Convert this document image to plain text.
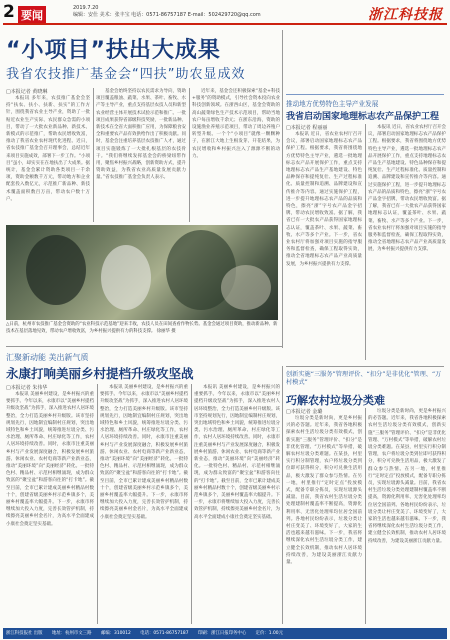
2 要闻
2019.7.20
编辑：安仕 美术：张丰宝 电话：0571-86757187 E-mail：502429720@qq.com	浙江科技报
“小项目”扶出大成果
我省农技推广基金会“四扶”助农显成效
□本报记者 黄晓琳

本报讯 多年来，农技推广基金会坚持“扶农、扶小、扶新、扶实”的工作方针，围绕我省农业主导产业，资助了一批贴近农业生产实际、农民群众急需的小项目，带动了一大批农业新品种、新技术、新模式的示范推广，帮助农民增收致富，推动了我省农业农村现代化进程。近日，省农技推广基金会召开理事会，总结近年来项目实施成效，部署下一步工作。“小项目”虽小，却实实在在地扶出了大成果。据统计，基金会累计资助各类项目一千余项，资助金额数千万元，带动地方和企业配套投入数亿元，示范推广新品种、新技术覆盖面积数百万亩，带动农户数十万户。

基金会始终坚持以农民需求为导向，资助项目覆盖粮油、蔬菜、水果、茶叶、畜牧、水产等主导产业，重点支持基层农技人员和新型农业经营主体开展技术试验示范和推广。一批项目成果获得省部级科技奖励，一批新品种、新技术在全省大面积推广应用，为保障粮食安全和重要农产品有效供给作出了积极贡献。同时，基金会注重培养基层农技推广人才，通过项目实施锻炼了一大批扎根基层的农技骨干。“我们将继续发挥基金会的桥梁纽带作用，聚焦乡村振兴战略，创新资助方式，提升资助效益，为我省农业高质量发展贡献力量。”省农技推广基金会负责人表示。

近年来，基金会还积极探索“基金+科技+服务”的资助模式，引导社会资本投向农业科技创新领域。在浙西山区，基金会资助的高山蔬菜绿色生产技术示范项目，帮助当地农户每亩增收千余元；在浙东沿海，资助的设施渔业养殖示范项目，带动了周边养殖户转型升级。一个个“小项目”就像一颗颗种子，在浙江大地上生根发芽、开花结果，为农民增收和乡村振兴注入了源源不断的动力。

△日前，杭州市农技推广基金会资助的“农业科技示范基地”迎来丰收，农技人员在田间查看作物长势。基金会通过项目资助，推动新品种、新技术在基层落地见效，带动农户增收致富，为乡村振兴提供有力的科技支撑。 徐丽华 摄
推动地方优势特色主导产业发展
我省启动国家地理标志农产品保护工程
□本报记者 程丽丽

本报讯 近日，省农业农村厅召开会议，部署启动国家地理标志农产品保护工程。根据要求，我省将围绕地方优势特色主导产业，遴选一批地理标志农产品开展保护工作，重点支持地理标志农产品生产基地建设、特色品种保存和提纯复壮、生产过程标准化、质量控制和追溯、品牌建设和宣传推介等内容。通过实施保护工程，进一步提升地理标志农产品的品质和特色，擦亮“浙”字号农产品金字招牌，带动农民增收致富。据了解，我省已有一大批农产品获得国家地理标志认证，覆盖茶叶、水果、蔬菜、畜牧、水产等多个产业。下一步，省农业农村厅将加强对项目实施的指导服务和监督检查，确保工程取得实效，推动全省地理标志农产品产业高质量发展，为乡村振兴提供有力支撑。

本报讯 近日，省农业农村厅召开会议，部署启动国家地理标志农产品保护工程。根据要求，我省将围绕地方优势特色主导产业，遴选一批地理标志农产品开展保护工作，重点支持地理标志农产品生产基地建设、特色品种保存和提纯复壮、生产过程标准化、质量控制和追溯、品牌建设和宣传推介等内容。通过实施保护工程，进一步提升地理标志农产品的品质和特色，擦亮“浙”字号农产品金字招牌，带动农民增收致富。据了解，我省已有一大批农产品获得国家地理标志认证，覆盖茶叶、水果、蔬菜、畜牧、水产等多个产业。下一步，省农业农村厅将加强对项目实施的指导服务和监督检查，确保工程取得实效，推动全省地理标志农产品产业高质量发展，为乡村振兴提供有力支撑。

汇聚新动能 美出新气质
永康打响美丽乡村提档升级攻坚战
□本报记者 朱伟华

本报讯 美丽乡村建设，是乡村振兴的重要抓手。今年以来，永康市以“美丽乡村提档升级攻坚战”为抓手，深入推进农村人居环境整治，全力打造美丽乡村升级版。该市坚持规划先行，因地制宜编制村庄规划，突出地域特色和乡土风貌，统筹推进垃圾分类、污水治理、厕所革命、村庄绿化等工作，农村人居环境持续改善。同时，永康市注重美丽乡村与产业发展深度融合，积极发展乡村旅游、休闲农业、农村电商等新产业新业态，推动“美丽环境”向“美丽经济”转化。一批特色村、精品村、示范村相继涌现，成为群众致富的“聚宝盆”和游客向往的“打卡地”。截至目前，全市已累计建成美丽乡村精品村数十个，创建省级美丽乡村示范乡镇多个，美丽乡村覆盖率大幅提升。下一步，永康市将继续加大投入力度，完善长效管护机制，持续擦亮美丽乡村金名片，为高水平全面建成小康社会奠定坚实基础。

本报讯 美丽乡村建设，是乡村振兴的重要抓手。今年以来，永康市以“美丽乡村提档升级攻坚战”为抓手，深入推进农村人居环境整治，全力打造美丽乡村升级版。该市坚持规划先行，因地制宜编制村庄规划，突出地域特色和乡土风貌，统筹推进垃圾分类、污水治理、厕所革命、村庄绿化等工作，农村人居环境持续改善。同时，永康市注重美丽乡村与产业发展深度融合，积极发展乡村旅游、休闲农业、农村电商等新产业新业态，推动“美丽环境”向“美丽经济”转化。一批特色村、精品村、示范村相继涌现，成为群众致富的“聚宝盆”和游客向往的“打卡地”。截至目前，全市已累计建成美丽乡村精品村数十个，创建省级美丽乡村示范乡镇多个，美丽乡村覆盖率大幅提升。下一步，永康市将继续加大投入力度，完善长效管护机制，持续擦亮美丽乡村金名片，为高水平全面建成小康社会奠定坚实基础。

本报讯 美丽乡村建设，是乡村振兴的重要抓手。今年以来，永康市以“美丽乡村提档升级攻坚战”为抓手，深入推进农村人居环境整治，全力打造美丽乡村升级版。该市坚持规划先行，因地制宜编制村庄规划，突出地域特色和乡土风貌，统筹推进垃圾分类、污水治理、厕所革命、村庄绿化等工作，农村人居环境持续改善。同时，永康市注重美丽乡村与产业发展深度融合，积极发展乡村旅游、休闲农业、农村电商等新产业新业态，推动“美丽环境”向“美丽经济”转化。一批特色村、精品村、示范村相继涌现，成为群众致富的“聚宝盆”和游客向往的“打卡地”。截至目前，全市已累计建成美丽乡村精品村数十个，创建省级美丽乡村示范乡镇多个，美丽乡村覆盖率大幅提升。下一步，永康市将继续加大投入力度，完善长效管护机制，持续擦亮美丽乡村金名片，为高水平全面建成小康社会奠定坚实基础。

创新实施“三服务”管理评价、“扣分”是非优化”管理、“万村模式”
巧解农村垃圾分类难
□本报记者 金璐

垃圾分类是新时尚，更是乡村振兴的必答题。近年来，我省各地积极探索农村生活垃圾分类有效模式，创新实施“三服务”管理评价、“扣分”是非优化管理、“万村模式”等举措，破解农村垃圾分类难题。在某县，村里实行积分制管理，农户将垃圾分类到位即可获得积分，积分可兑换生活用品，极大激发了群众参与热情。在另一地，村里推行“定时定点”投放模式，配备专职分拣员，实现垃圾源头减量。目前，我省农村生活垃圾分类处理建制村覆盖率不断提高，资源化利用率、无害化处理率均位居全国前列。各地村民纷纷表示，垃圾分类让村庄变美了、环境变好了，大家的生活也越来越有滋味。下一步，我省将继续深化农村生活垃圾分类工作，建立健全长效机制，推动农村人居环境持续改善，为建设美丽浙江贡献力量。

垃圾分类是新时尚，更是乡村振兴的必答题。近年来，我省各地积极探索农村生活垃圾分类有效模式，创新实施“三服务”管理评价、“扣分”是非优化管理、“万村模式”等举措，破解农村垃圾分类难题。在某县，村里实行积分制管理，农户将垃圾分类到位即可获得积分，积分可兑换生活用品，极大激发了群众参与热情。在另一地，村里推行“定时定点”投放模式，配备专职分拣员，实现垃圾源头减量。目前，我省农村生活垃圾分类处理建制村覆盖率不断提高，资源化利用率、无害化处理率均位居全国前列。各地村民纷纷表示，垃圾分类让村庄变美了、环境变好了，大家的生活也越来越有滋味。下一步，我省将继续深化农村生活垃圾分类工作，建立健全长效机制，推动农村人居环境持续改善，为建设美丽浙江贡献力量。

浙江科技报社 出版 地址：杭州市文三路 邮编：310012 电话：0571-86757187 印刷：浙江日报印务中心 定价：1.00元
